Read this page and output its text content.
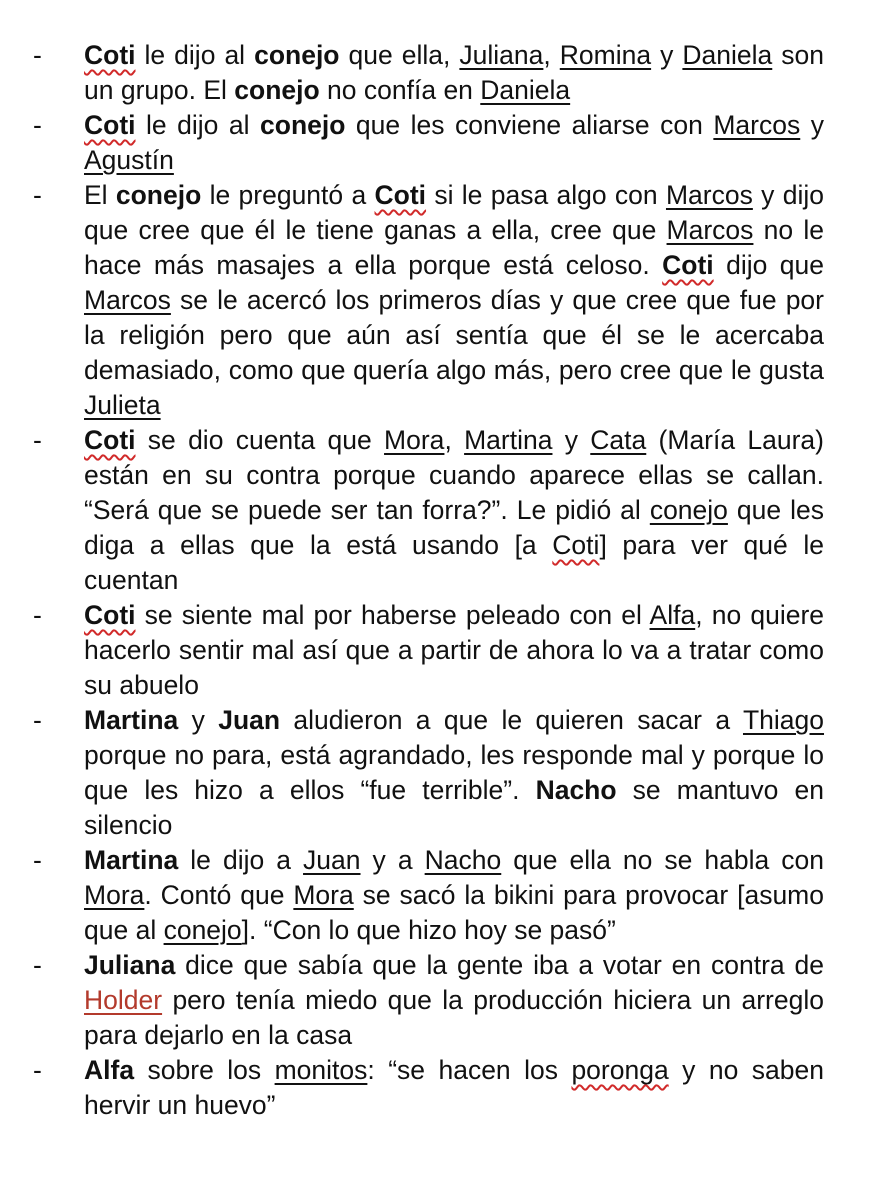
-	Coti le dijo al conejo que ella, Juliana, Romina y Daniela son un grupo. El conejo no confía en Daniela
-	Coti le dijo al conejo que les conviene aliarse con Marcos y Agustín
-	El conejo le preguntó a Coti si le pasa algo con Marcos y dijo que cree que él le tiene ganas a ella, cree que Marcos no le hace más masajes a ella porque está celoso. Coti dijo que Marcos se le acercó los primeros días y que cree que fue por la religión pero que aún así sentía que él se le acercaba demasiado, como que quería algo más, pero cree que le gusta Julieta
-	Coti se dio cuenta que Mora, Martina y Cata (María Laura) están en su contra porque cuando aparece ellas se callan. “Será que se puede ser tan forra?”. Le pidió al conejo que les diga a ellas que la está usando [a Coti] para ver qué le cuentan
-	Coti se siente mal por haberse peleado con el Alfa, no quiere hacerlo sentir mal así que a partir de ahora lo va a tratar como su abuelo
-	Martina y Juan aludieron a que le quieren sacar a Thiago porque no para, está agrandado, les responde mal y porque lo que les hizo a ellos “fue terrible”. Nacho se mantuvo en silencio
-	Martina le dijo a Juan y a Nacho que ella no se habla con Mora. Contó que Mora se sacó la bikini para provocar [asumo que al conejo]. “Con lo que hizo hoy se pasó”
-	Juliana dice que sabía que la gente iba a votar en contra de Holder pero tenía miedo que la producción hiciera un arreglo para dejarlo en la casa
-	Alfa sobre los monitos: “se hacen los poronga y no saben hervir un huevo”
